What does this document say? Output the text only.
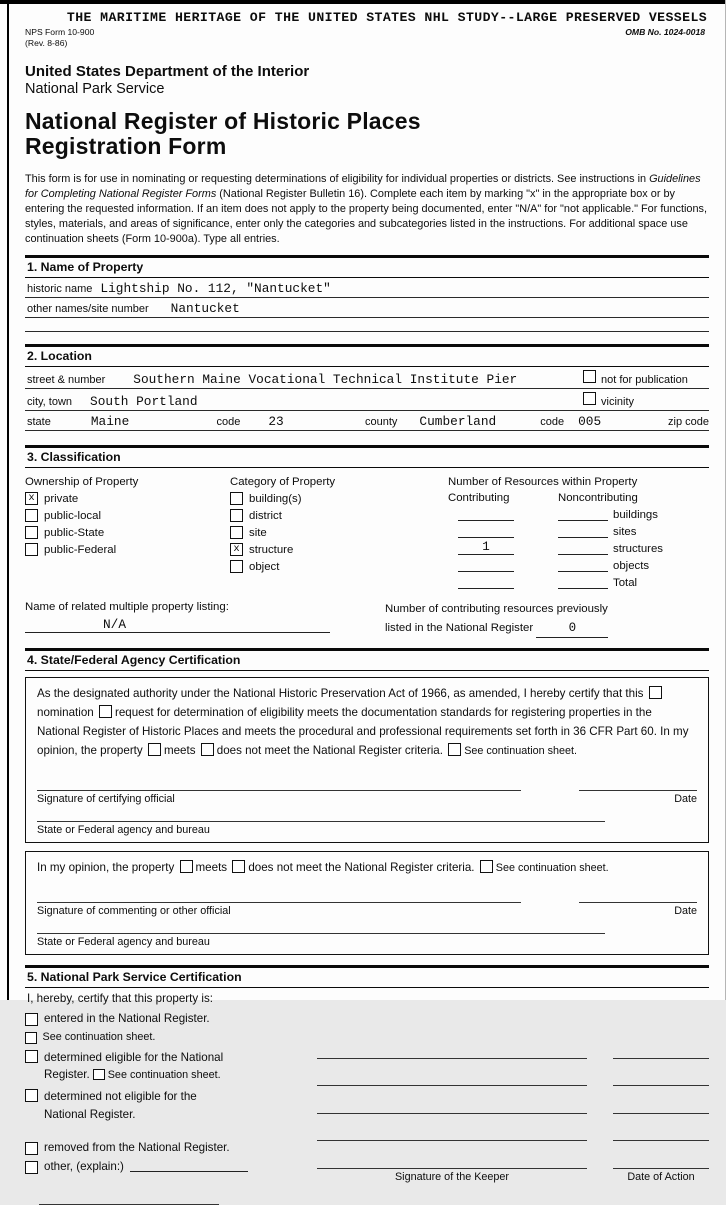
THE MARITIME HERITAGE OF THE UNITED STATES NHL STUDY--LARGE PRESERVED VESSELS
NPS Form 10-900
(Rev. 8-86)
OMB No. 1024-0018
United States Department of the Interior
National Park Service
National Register of Historic Places
Registration Form
This form is for use in nominating or requesting determinations of eligibility for individual properties or districts. See instructions in Guidelines for Completing National Register Forms (National Register Bulletin 16). Complete each item by marking "x" in the appropriate box or by entering the requested information. If an item does not apply to the property being documented, enter "N/A" for "not applicable." For functions, styles, materials, and areas of significance, enter only the categories and subcategories listed in the instructions. For additional space use continuation sheets (Form 10-900a). Type all entries.
1. Name of Property
historic name Lightship No. 112, "Nantucket"
other names/site number Nantucket
2. Location
street & number Southern Maine Vocational Technical Institute Pier	not for publication
city, town South Portland	vicinity
state	Maine	code 23	county Cumberland	code 005	zip code
3. Classification
Ownership of Property
x private
public-local
public-State
public-Federal
Category of Property
building(s)
district
site
x structure
object
Number of Resources within Property
Contributing	Noncontributing
buildings
sites
1	structures
objects
Total
Name of related multiple property listing:
N/A
Number of contributing resources previously
listed in the National Register	0
4. State/Federal Agency Certification
As the designated authority under the National Historic Preservation Act of 1966, as amended, I hereby certify that this nomination request for determination of eligibility meets the documentation standards for registering properties in the National Register of Historic Places and meets the procedural and professional requirements set forth in 36 CFR Part 60. In my opinion, the property meets does not meet the National Register criteria. See continuation sheet.
Signature of certifying official	Date
State or Federal agency and bureau
In my opinion, the property meets does not meet the National Register criteria. See continuation sheet.
Signature of commenting or other official	Date
State or Federal agency and bureau
5. National Park Service Certification
I, hereby, certify that this property is:
entered in the National Register.
See continuation sheet.
determined eligible for the National
Register. See continuation sheet.
determined not eligible for the
National Register.
removed from the National Register.
other, (explain:)
Signature of the Keeper	Date of Action
